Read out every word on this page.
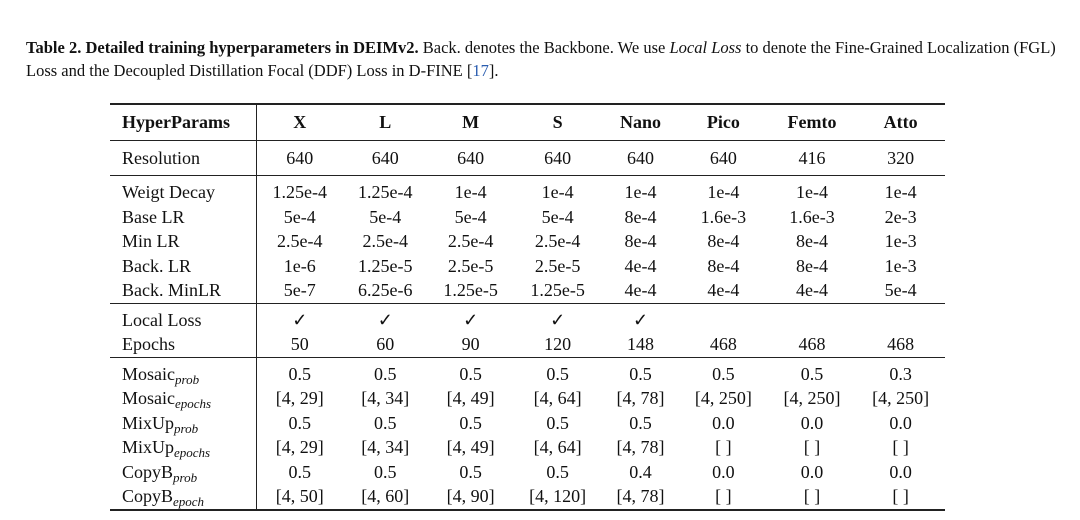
Table 2. Detailed training hyperparameters in DEIMv2. Back. denotes the Backbone. We use Local Loss to denote the Fine-Grained Localization (FGL) Loss and the Decoupled Distillation Focal (DDF) Loss in D-FINE [17].
HyperParams	X	L	M	S	Nano	Pico	Femto	Atto
Resolution	640	640	640	640	640	640	416	320
Weigt Decay	1.25e-4	1.25e-4	1e-4	1e-4	1e-4	1e-4	1e-4	1e-4
Base LR	5e-4	5e-4	5e-4	5e-4	8e-4	1.6e-3	1.6e-3	2e-3
Min LR	2.5e-4	2.5e-4	2.5e-4	2.5e-4	8e-4	8e-4	8e-4	1e-3
Back. LR	1e-6	1.25e-5	2.5e-5	2.5e-5	4e-4	8e-4	8e-4	1e-3
Back. MinLR	5e-7	6.25e-6	1.25e-5	1.25e-5	4e-4	4e-4	4e-4	5e-4
Local Loss	✓	✓	✓	✓	✓			
Epochs	50	60	90	120	148	468	468	468
Mosaic$_{prob}$	0.5	0.5	0.5	0.5	0.5	0.5	0.5	0.3
Mosaic$_{epochs}$	[4, 29]	[4, 34]	[4, 49]	[4, 64]	[4, 78]	[4, 250]	[4, 250]	[4, 250]
MixUp$_{prob}$	0.5	0.5	0.5	0.5	0.5	0.0	0.0	0.0
MixUp$_{epochs}$	[4, 29]	[4, 34]	[4, 49]	[4, 64]	[4, 78]	[ ]	[ ]	[ ]
CopyB$_{prob}$	0.5	0.5	0.5	0.5	0.4	0.0	0.0	0.0
CopyB$_{epoch}$	[4, 50]	[4, 60]	[4, 90]	[4, 120]	[4, 78]	[ ]	[ ]	[ ]
